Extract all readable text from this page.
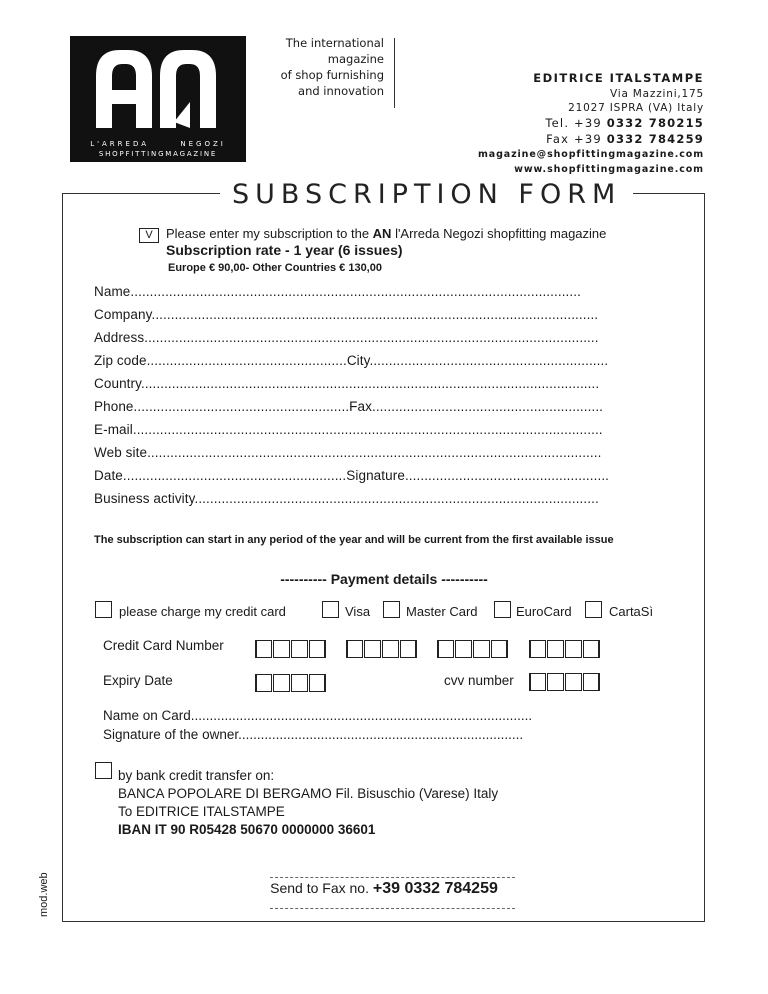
L'ARREDA      NEGOZI
SHOPFITTINGMAGAZINE
The international
magazine
of shop furnishing
and innovation
EDITRICE ITALSTAMPE
Via Mazzini,175
21027 ISPRA (VA) Italy
Tel. +39 0332 780215
Fax +39 0332 784259
magazine@shopfittingmagazine.com
www.shopfittingmagazine.com
SUBSCRIPTION FORM
V	Please enter my subscription to the AN l'Arreda Negozi shopfitting magazine
Subscription rate - 1 year (6 issues)
Europe € 90,00- Other Countries € 130,00
Name.....................................................................................................................
Company....................................................................................................................
Address......................................................................................................................
Zip code....................................................City..............................................................
Country.......................................................................................................................
Phone........................................................Fax............................................................
E-mail..........................................................................................................................
Web site......................................................................................................................
Date..........................................................Signature.....................................................
Business activity.........................................................................................................
The subscription can start in any period of the year and will be current from the first available issue
---------- Payment details ----------
please charge my credit card	Visa	Master Card	EuroCard	CartaSì
Credit Card Number
Expiry Date	cvv number
Name on Card...........................................................................................
Signature of the owner............................................................................
by bank credit transfer on:
BANCA POPOLARE DI BERGAMO Fil. Bisuschio (Varese) Italy
To EDITRICE ITALSTAMPE
IBAN IT 90 R05428 50670 0000000 36601
Send to Fax no. +39 0332 784259
mod.web
